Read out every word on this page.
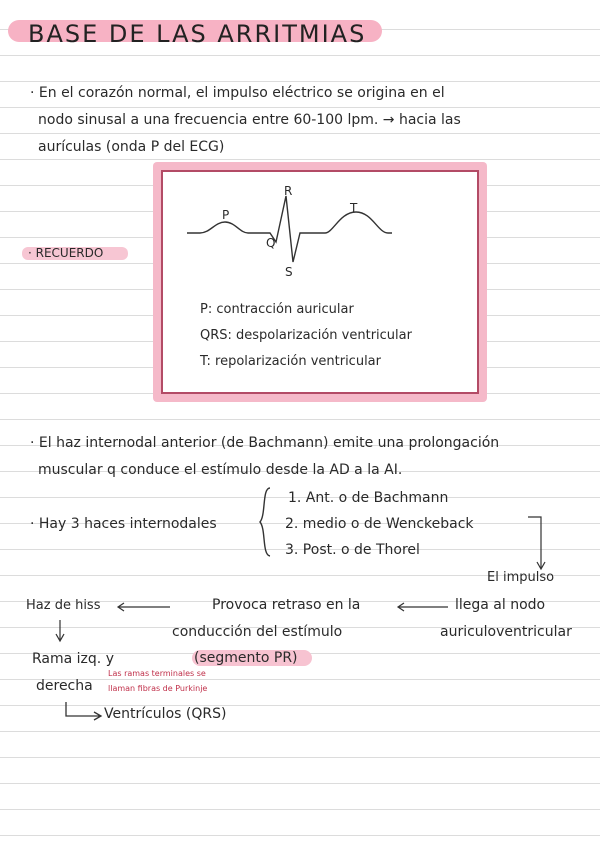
BASE DE LAS ARRITMIAS
· En el corazón normal, el impulso eléctrico se origina en el
nodo sinusal a una frecuencia entre 60-100 lpm. → hacia las
aurículas (onda P del ECG)
· RECUERDO
R
P	T
Q
S
P: contracción auricular
QRS: despolarización ventricular
T: repolarización ventricular
· El haz internodal anterior (de Bachmann) emite una prolongación
muscular q conduce el estímulo desde la AD a la AI.
· Hay 3 haces internodales
1. Ant. o de Bachmann
2. medio o de Wenckeback
3. Post. o de Thorel
El impulso
llega al nodo
auriculoventricular
Provoca retraso en la
conducción del estímulo
(segmento PR)
Haz de hiss
Rama izq. y
derecha
Las ramas terminales se
llaman fibras de Purkinje
Ventrículos (QRS)
